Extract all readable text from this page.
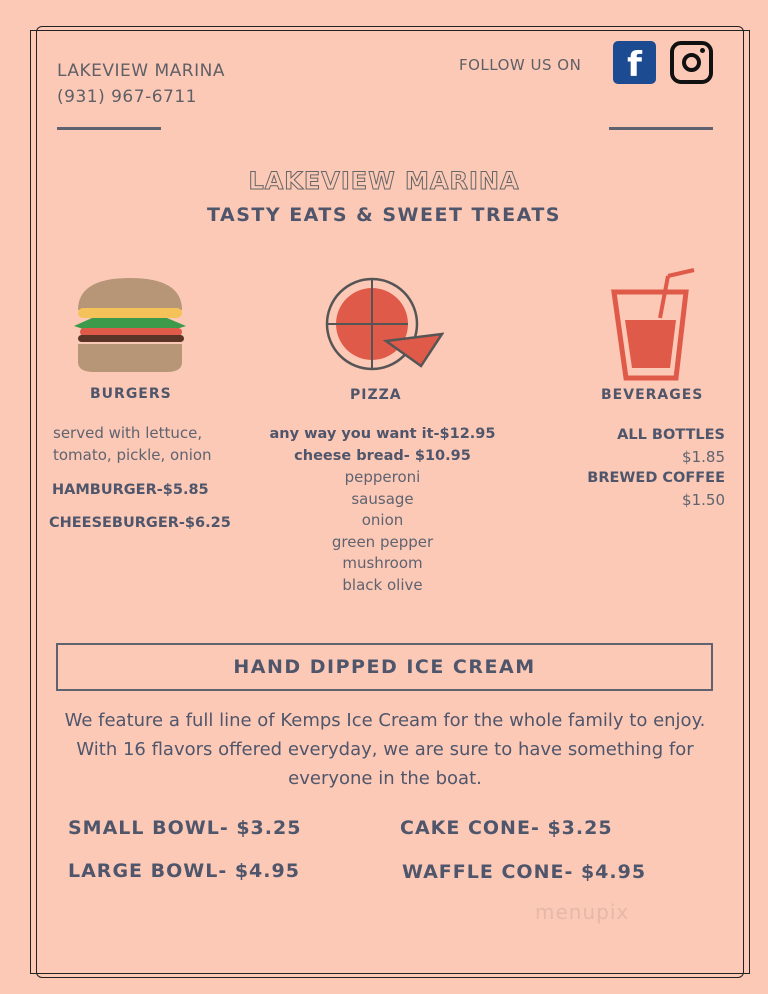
LAKEVIEW MARINA
(931) 967-6711
FOLLOW US ON	f
LAKEVIEW MARINA
TASTY EATS & SWEET TREATS
BURGERS	PIZZA	BEVERAGES
served with lettuce,
tomato, pickle, onion
HAMBURGER-$5.85
CHEESEBURGER-$6.25
any way you want it-$12.95
cheese bread- $10.95
pepperoni
sausage
onion
green pepper
mushroom
black olive
ALL BOTTLES
$1.85
BREWED COFFEE
$1.50
HAND DIPPED ICE CREAM
We feature a full line of Kemps Ice Cream for the whole family to enjoy.
With 16 flavors offered everyday, we are sure to have something for
everyone in the boat.
SMALL BOWL- $3.25
LARGE BOWL- $4.95
CAKE CONE- $3.25
WAFFLE CONE- $4.95
menupix
